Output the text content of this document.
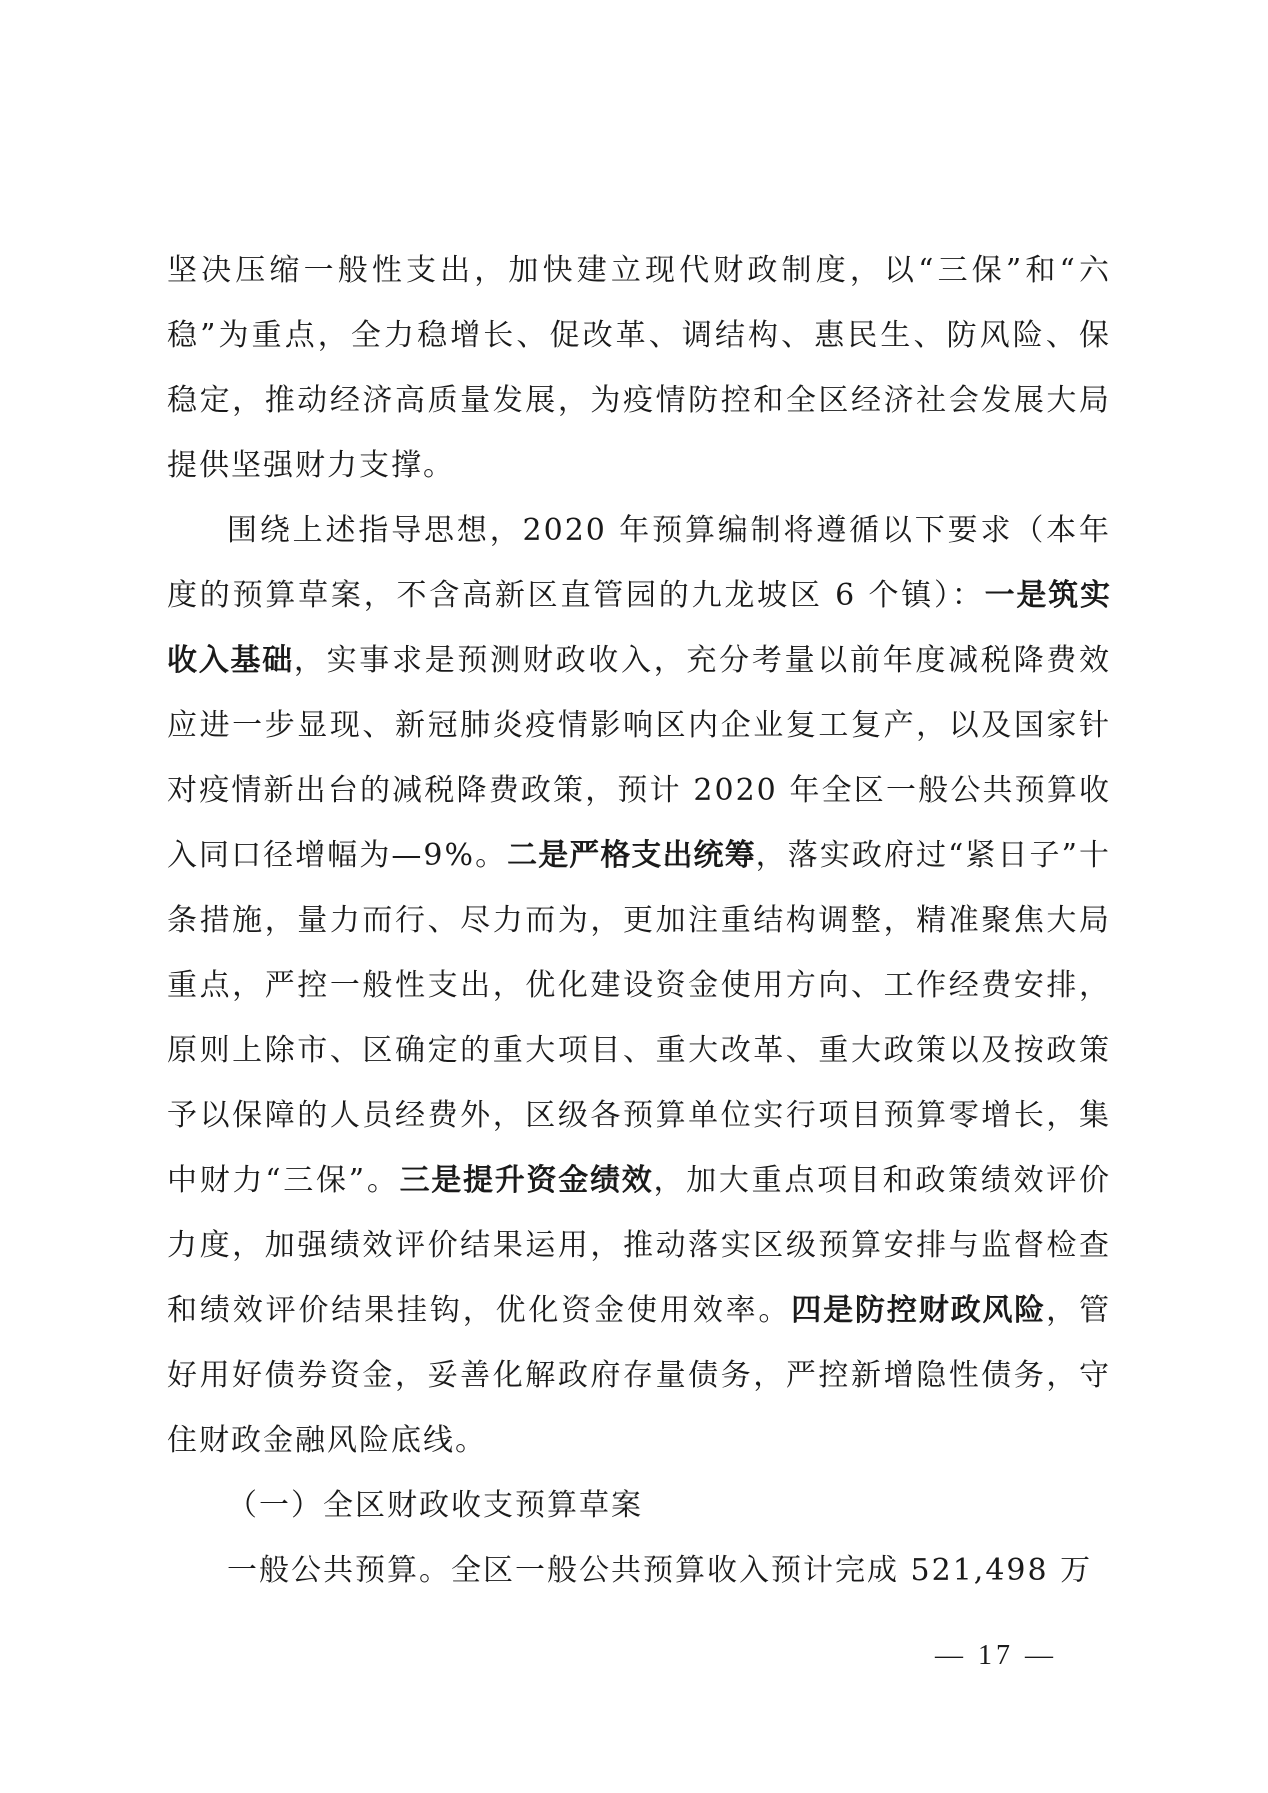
坚决压缩一般性支出，加快建立现代财政制度，以“三保”和“六稳”为重点，全力稳增长、促改革、调结构、惠民生、防风险、保稳定，推动经济高质量发展，为疫情防控和全区经济社会发展大局提供坚强财力支撑。

围绕上述指导思想，2020 年预算编制将遵循以下要求（本年度的预算草案，不含高新区直管园的九龙坡区 6 个镇）：一是筑实收入基础，实事求是预测财政收入，充分考量以前年度减税降费效应进一步显现、新冠肺炎疫情影响区内企业复工复产，以及国家针对疫情新出台的减税降费政策，预计 2020 年全区一般公共预算收入同口径增幅为—9%。二是严格支出统筹，落实政府过“紧日子”十条措施，量力而行、尽力而为，更加注重结构调整，精准聚焦大局重点，严控一般性支出，优化建设资金使用方向、工作经费安排，原则上除市、区确定的重大项目、重大改革、重大政策以及按政策予以保障的人员经费外，区级各预算单位实行项目预算零增长，集中财力“三保”。三是提升资金绩效，加大重点项目和政策绩效评价力度，加强绩效评价结果运用，推动落实区级预算安排与监督检查和绩效评价结果挂钩，优化资金使用效率。四是防控财政风险，管好用好债券资金，妥善化解政府存量债务，严控新增隐性债务，守住财政金融风险底线。

（一）全区财政收支预算草案

一般公共预算。全区一般公共预算收入预计完成 521,498 万

— 17 —
